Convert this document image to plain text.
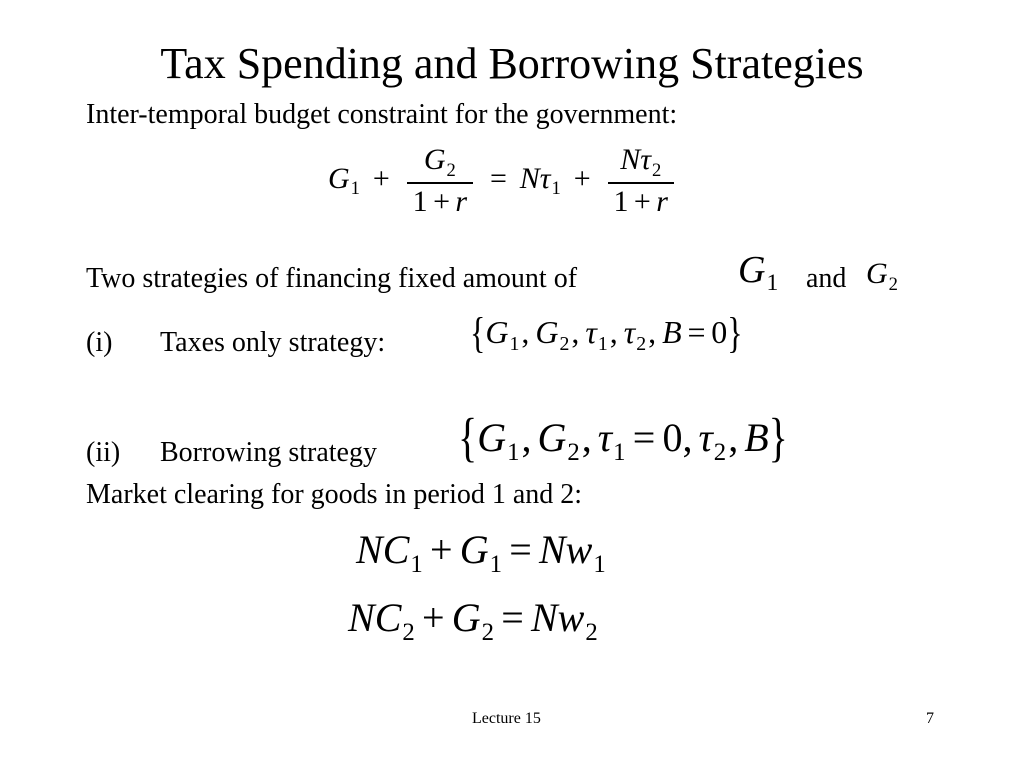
Tax Spending and Borrowing Strategies
Inter-temporal budget constraint for the government:
$G_1 + \frac{G_2}{1 + r} = N\tau_1 + \frac{N\tau_2}{1 + r}$
Two strategies of financing fixed amount of	$G_1$ and $G_2$
(i) Taxes only strategy:	{$G_1$, $G_2$, $\tau_1$, $\tau_2$, B = 0}
(ii) Borrowing strategy {$G_1$, $G_2$, $\tau_1 = 0$, $\tau_2$, B}
Market clearing for goods in period 1 and 2:
$NC_1 + G_1 = Nw_1$
$NC_2 + G_2 = Nw_2$
Lecture 15	7
